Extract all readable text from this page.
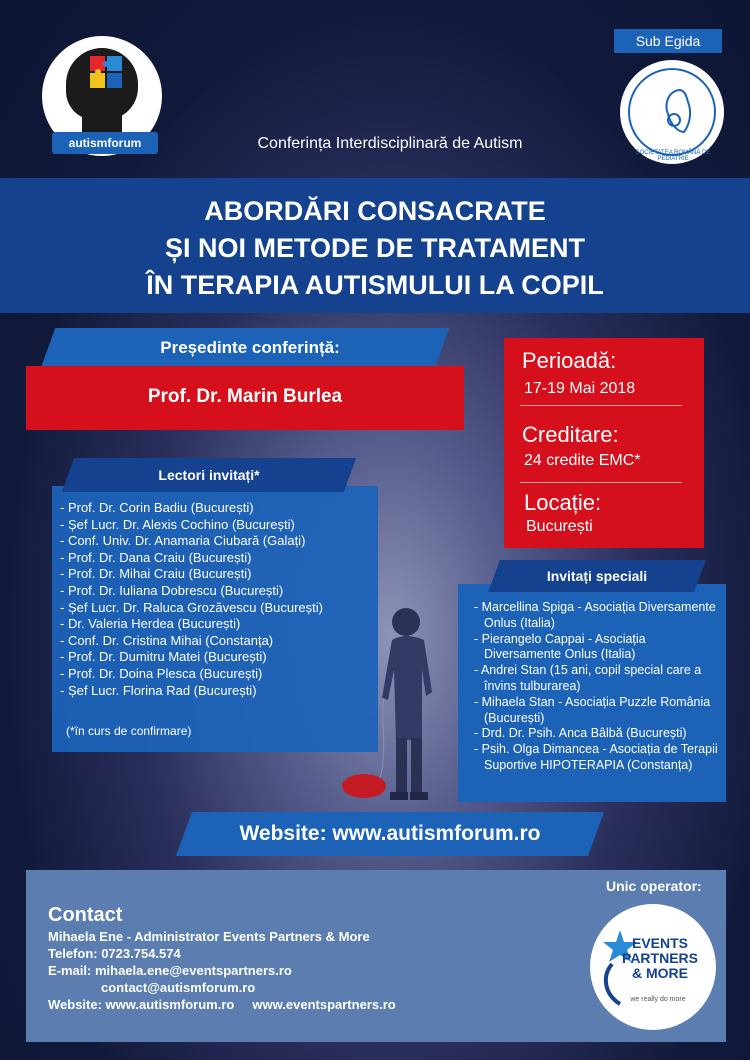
autismforum	Conferința Interdisciplinară de Autism
Sub Egida
SOCIETATEA ROMÂNĂ DE PEDIATRIE
ABORDĂRI CONSACRATE
ȘI NOI METODE DE TRATAMENT
ÎN TERAPIA AUTISMULUI LA COPIL
Președinte conferință:
Prof. Dr. Marin Burlea
Perioadă:
17-19 Mai 2018
Creditare:
24 credite EMC*
Locație:
București
Lectori invitați*
- Prof. Dr. Corin Badiu (București)
- Șef Lucr. Dr. Alexis Cochino (București)
- Conf. Univ. Dr. Anamaria Ciubară (Galați)
- Prof. Dr. Dana Craiu (București)
- Prof. Dr. Mihai Craiu (București)
- Prof. Dr. Iuliana Dobrescu (București)
- Șef Lucr. Dr. Raluca Grozăvescu (București)
- Dr. Valeria Herdea (București)
- Conf. Dr. Cristina Mihai (Constanța)
- Prof. Dr. Dumitru Matei (București)
- Prof. Dr. Doina Plesca (București)
- Șef Lucr. Florina Rad (București)
(*în curs de confirmare)
Invitați speciali
- Marcellina Spiga - Asociația Diversamente Onlus (Italia)
- Pierangelo Cappai - Asociația Diversamente Onlus (Italia)
- Andrei Stan (15 ani, copil special care a învins tulburarea)
- Mihaela Stan - Asociația Puzzle România (București)
- Drd. Dr. Psih. Anca Bâlbă (București)
- Psih. Olga Dimancea - Asociația de Terapii Suportive HIPOTERAPIA (Constanța)
Website: www.autismforum.ro
Contact
Mihaela Ene - Administrator Events Partners & More
Telefon: 0723.754.574
E-mail: mihaela.ene@eventspartners.ro
contact@autismforum.ro
Website: www.autismforum.ro     www.eventspartners.ro
Unic operator:
EVENTS
PARTNERS
& MORE
we really do more
